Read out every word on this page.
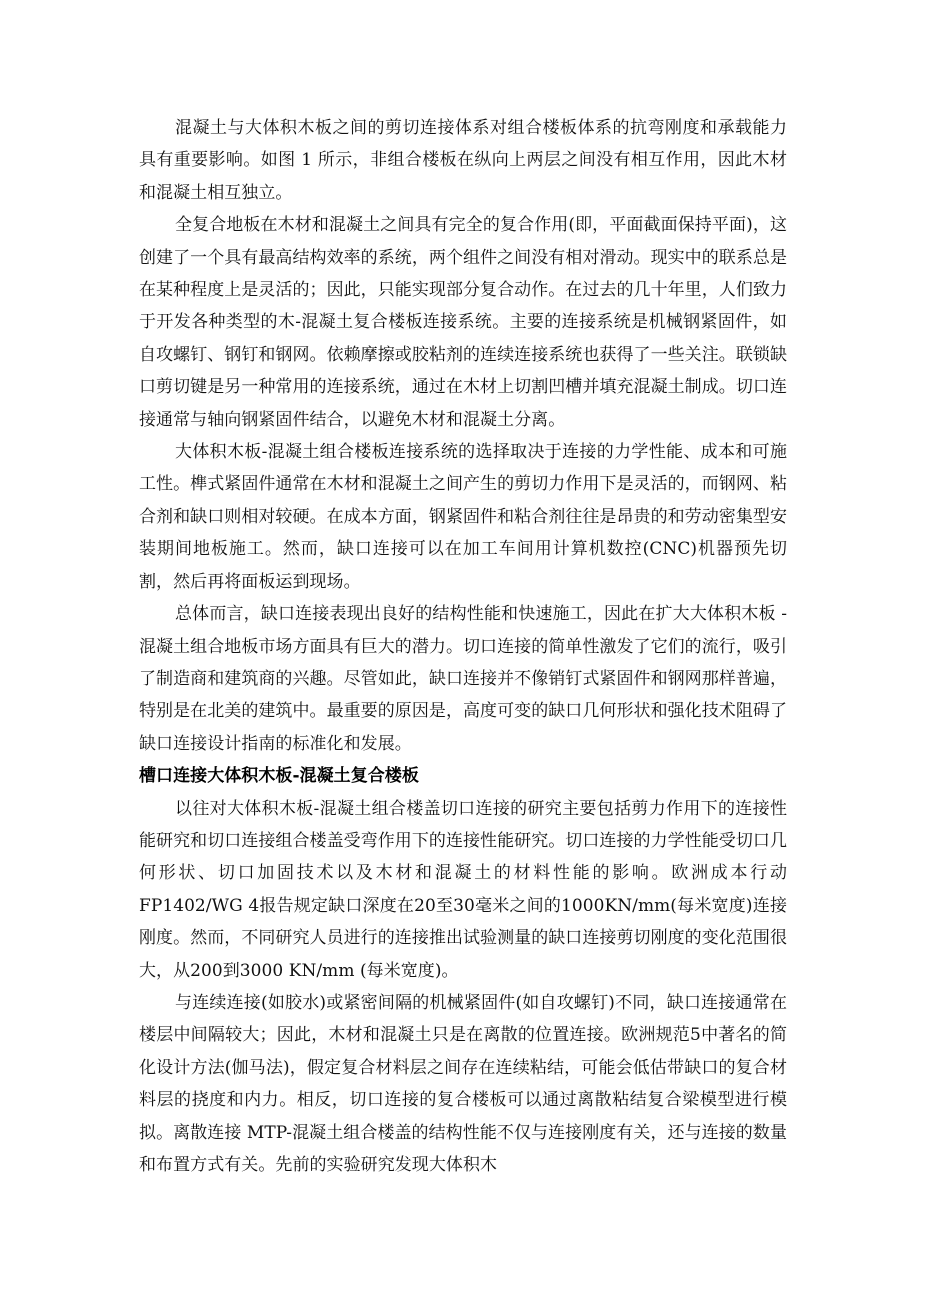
混凝土与大体积木板之间的剪切连接体系对组合楼板体系的抗弯刚度和承载能力具有重要影响。如图 1 所示，非组合楼板在纵向上两层之间没有相互作用，因此木材和混凝土相互独立。

全复合地板在木材和混凝土之间具有完全的复合作用(即，平面截面保持平面)，这创建了一个具有最高结构效率的系统，两个组件之间没有相对滑动。现实中的联系总是在某种程度上是灵活的；因此，只能实现部分复合动作。在过去的几十年里，人们致力于开发各种类型的木-混凝土复合楼板连接系统。主要的连接系统是机械钢紧固件，如自攻螺钉、钢钉和钢网。依赖摩擦或胶粘剂的连续连接系统也获得了一些关注。联锁缺口剪切键是另一种常用的连接系统，通过在木材上切割凹槽并填充混凝土制成。切口连接通常与轴向钢紧固件结合，以避免木材和混凝土分离。

大体积木板-混凝土组合楼板连接系统的选择取决于连接的力学性能、成本和可施工性。榫式紧固件通常在木材和混凝土之间产生的剪切力作用下是灵活的，而钢网、粘合剂和缺口则相对较硬。在成本方面，钢紧固件和粘合剂往往是昂贵的和劳动密集型安装期间地板施工。然而，缺口连接可以在加工车间用计算机数控(CNC)机器预先切割，然后再将面板运到现场。

总体而言，缺口连接表现出良好的结构性能和快速施工，因此在扩大大体积木板 -混凝土组合地板市场方面具有巨大的潜力。切口连接的简单性激发了它们的流行，吸引了制造商和建筑商的兴趣。尽管如此，缺口连接并不像销钉式紧固件和钢网那样普遍，特别是在北美的建筑中。最重要的原因是，高度可变的缺口几何形状和强化技术阻碍了缺口连接设计指南的标准化和发展。

槽口连接大体积木板-混凝土复合楼板

以往对大体积木板-混凝土组合楼盖切口连接的研究主要包括剪力作用下的连接性能研究和切口连接组合楼盖受弯作用下的连接性能研究。切口连接的力学性能受切口几何形状、切口加固技术以及木材和混凝土的材料性能的影响。欧洲成本行动FP1402/WG 4报告规定缺口深度在20至30毫米之间的1000KN/mm(每米宽度)连接刚度。然而，不同研究人员进行的连接推出试验测量的缺口连接剪切刚度的变化范围很大，从200到3000 KN/mm (每米宽度)。

与连续连接(如胶水)或紧密间隔的机械紧固件(如自攻螺钉)不同，缺口连接通常在楼层中间隔较大；因此，木材和混凝土只是在离散的位置连接。欧洲规范5中著名的简化设计方法(伽马法)，假定复合材料层之间存在连续粘结，可能会低估带缺口的复合材料层的挠度和内力。相反，切口连接的复合楼板可以通过离散粘结复合梁模型进行模拟。离散连接 MTP-混凝土组合楼盖的结构性能不仅与连接刚度有关，还与连接的数量和布置方式有关。先前的实验研究发现大体积木
